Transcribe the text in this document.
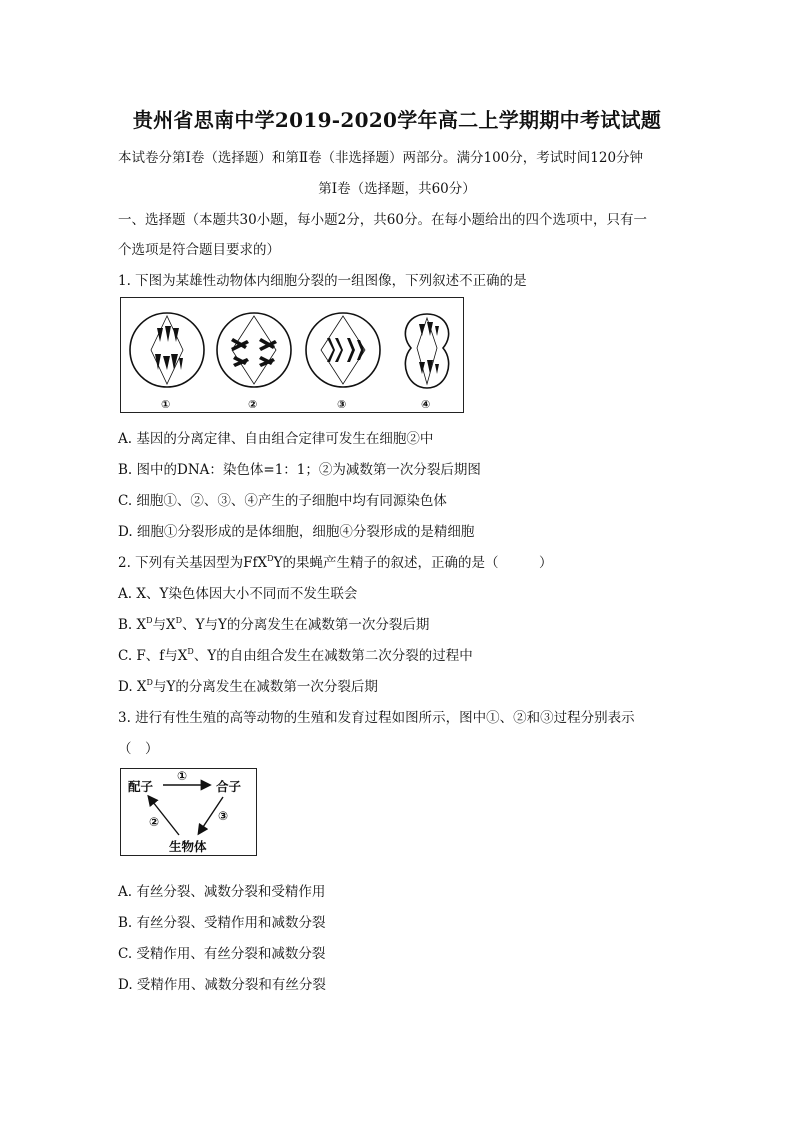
贵州省思南中学2019-2020学年高二上学期期中考试试题
本试卷分第Ⅰ卷（选择题）和第Ⅱ卷（非选择题）两部分。满分100分，考试时间120分钟
第Ⅰ卷（选择题，共60分）
一、选择题（本题共30小题，每小题2分，共60分。在每小题给出的四个选项中，只有一
个选项是符合题目要求的）
1. 下图为某雄性动物体内细胞分裂的一组图像，下列叙述不正确的是
①	②	③	④
A. 基因的分离定律、自由组合定律可发生在细胞②中
B. 图中的DNA：染色体=1：1；②为减数第一次分裂后期图
C. 细胞①、②、③、④产生的子细胞中均有同源染色体
D. 细胞①分裂形成的是体细胞，细胞④分裂形成的是精细胞
2. 下列有关基因型为FfX$^D$Y的果蝇产生精子的叙述，正确的是（　　　）
A. X、Y染色体因大小不同而不发生联会
B. $X^D$与$X^D$、Y与Y的分离发生在减数第一次分裂后期
C. F、f与$X^D$、Y的自由组合发生在减数第二次分裂的过程中
D. $X^D$与Y的分离发生在减数第一次分裂后期
3. 进行有性生殖的高等动物的生殖和发育过程如图所示，图中①、②和③过程分别表示
（　）
配子	合子
生物体
①
②	③
A. 有丝分裂、减数分裂和受精作用
B. 有丝分裂、受精作用和减数分裂
C. 受精作用、有丝分裂和减数分裂
D. 受精作用、减数分裂和有丝分裂
